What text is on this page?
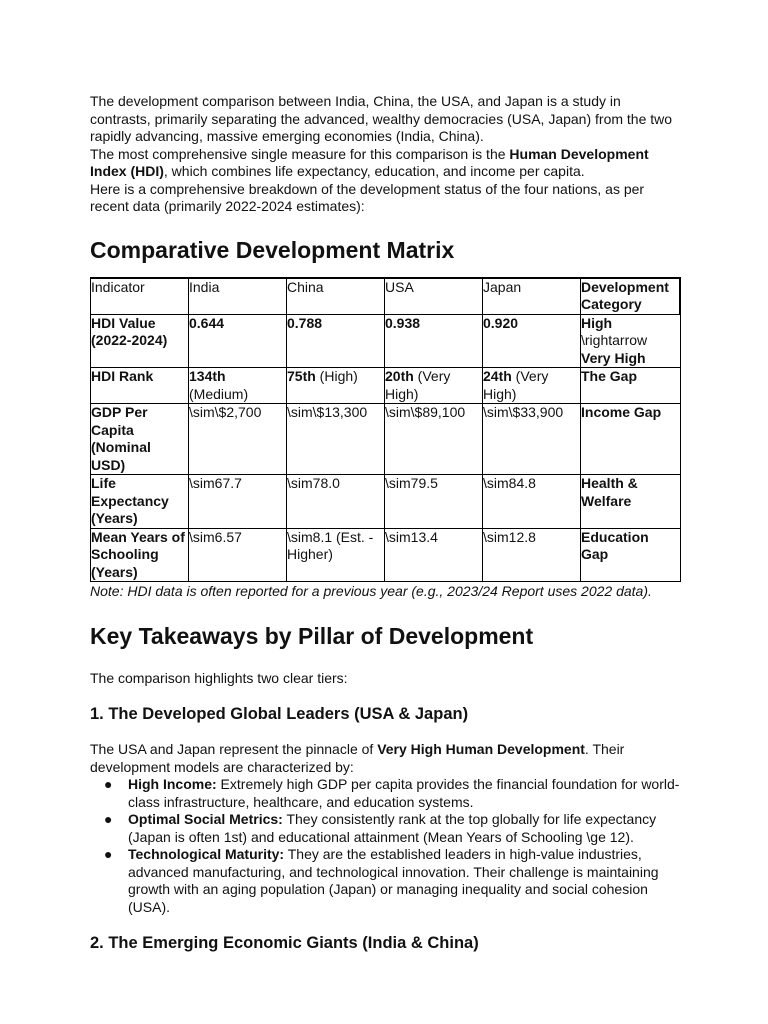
The development comparison between India, China, the USA, and Japan is a study in contrasts, primarily separating the advanced, wealthy democracies (USA, Japan) from the two rapidly advancing, massive emerging economies (India, China).

The most comprehensive single measure for this comparison is the Human Development Index (HDI), which combines life expectancy, education, and income per capita.

Here is a comprehensive breakdown of the development status of the four nations, as per recent data (primarily 2022-2024 estimates):

Comparative Development Matrix
Indicator	India	China	USA	Japan	Development Category
HDI Value (2022-2024)	0.644	0.788	0.938	0.920	High
\rightarrow
Very High
HDI Rank	134th (Medium)	75th (High)	20th (Very High)	24th (Very High)	The Gap
GDP Per Capita (Nominal USD)	\sim\$2,700	\sim\$13,300	\sim\$89,100	\sim\$33,900	Income Gap
Life Expectancy (Years)	\sim67.7	\sim78.0	\sim79.5	\sim84.8	Health & Welfare
Mean Years of Schooling (Years)	\sim6.57	\sim8.1 (Est. - Higher)	\sim13.4	\sim12.8	Education Gap

Note: HDI data is often reported for a previous year (e.g., 2023/24 Report uses 2022 data).

Key Takeaways by Pillar of Development

The comparison highlights two clear tiers:

1. The Developed Global Leaders (USA & Japan)

The USA and Japan represent the pinnacle of Very High Human Development. Their development models are characterized by:

● High Income: Extremely high GDP per capita provides the financial foundation for world-class infrastructure, healthcare, and education systems.
● Optimal Social Metrics: They consistently rank at the top globally for life expectancy (Japan is often 1st) and educational attainment (Mean Years of Schooling \ge 12).
● Technological Maturity: They are the established leaders in high-value industries, advanced manufacturing, and technological innovation. Their challenge is maintaining growth with an aging population (Japan) or managing inequality and social cohesion (USA).
2. The Emerging Economic Giants (India & China)
